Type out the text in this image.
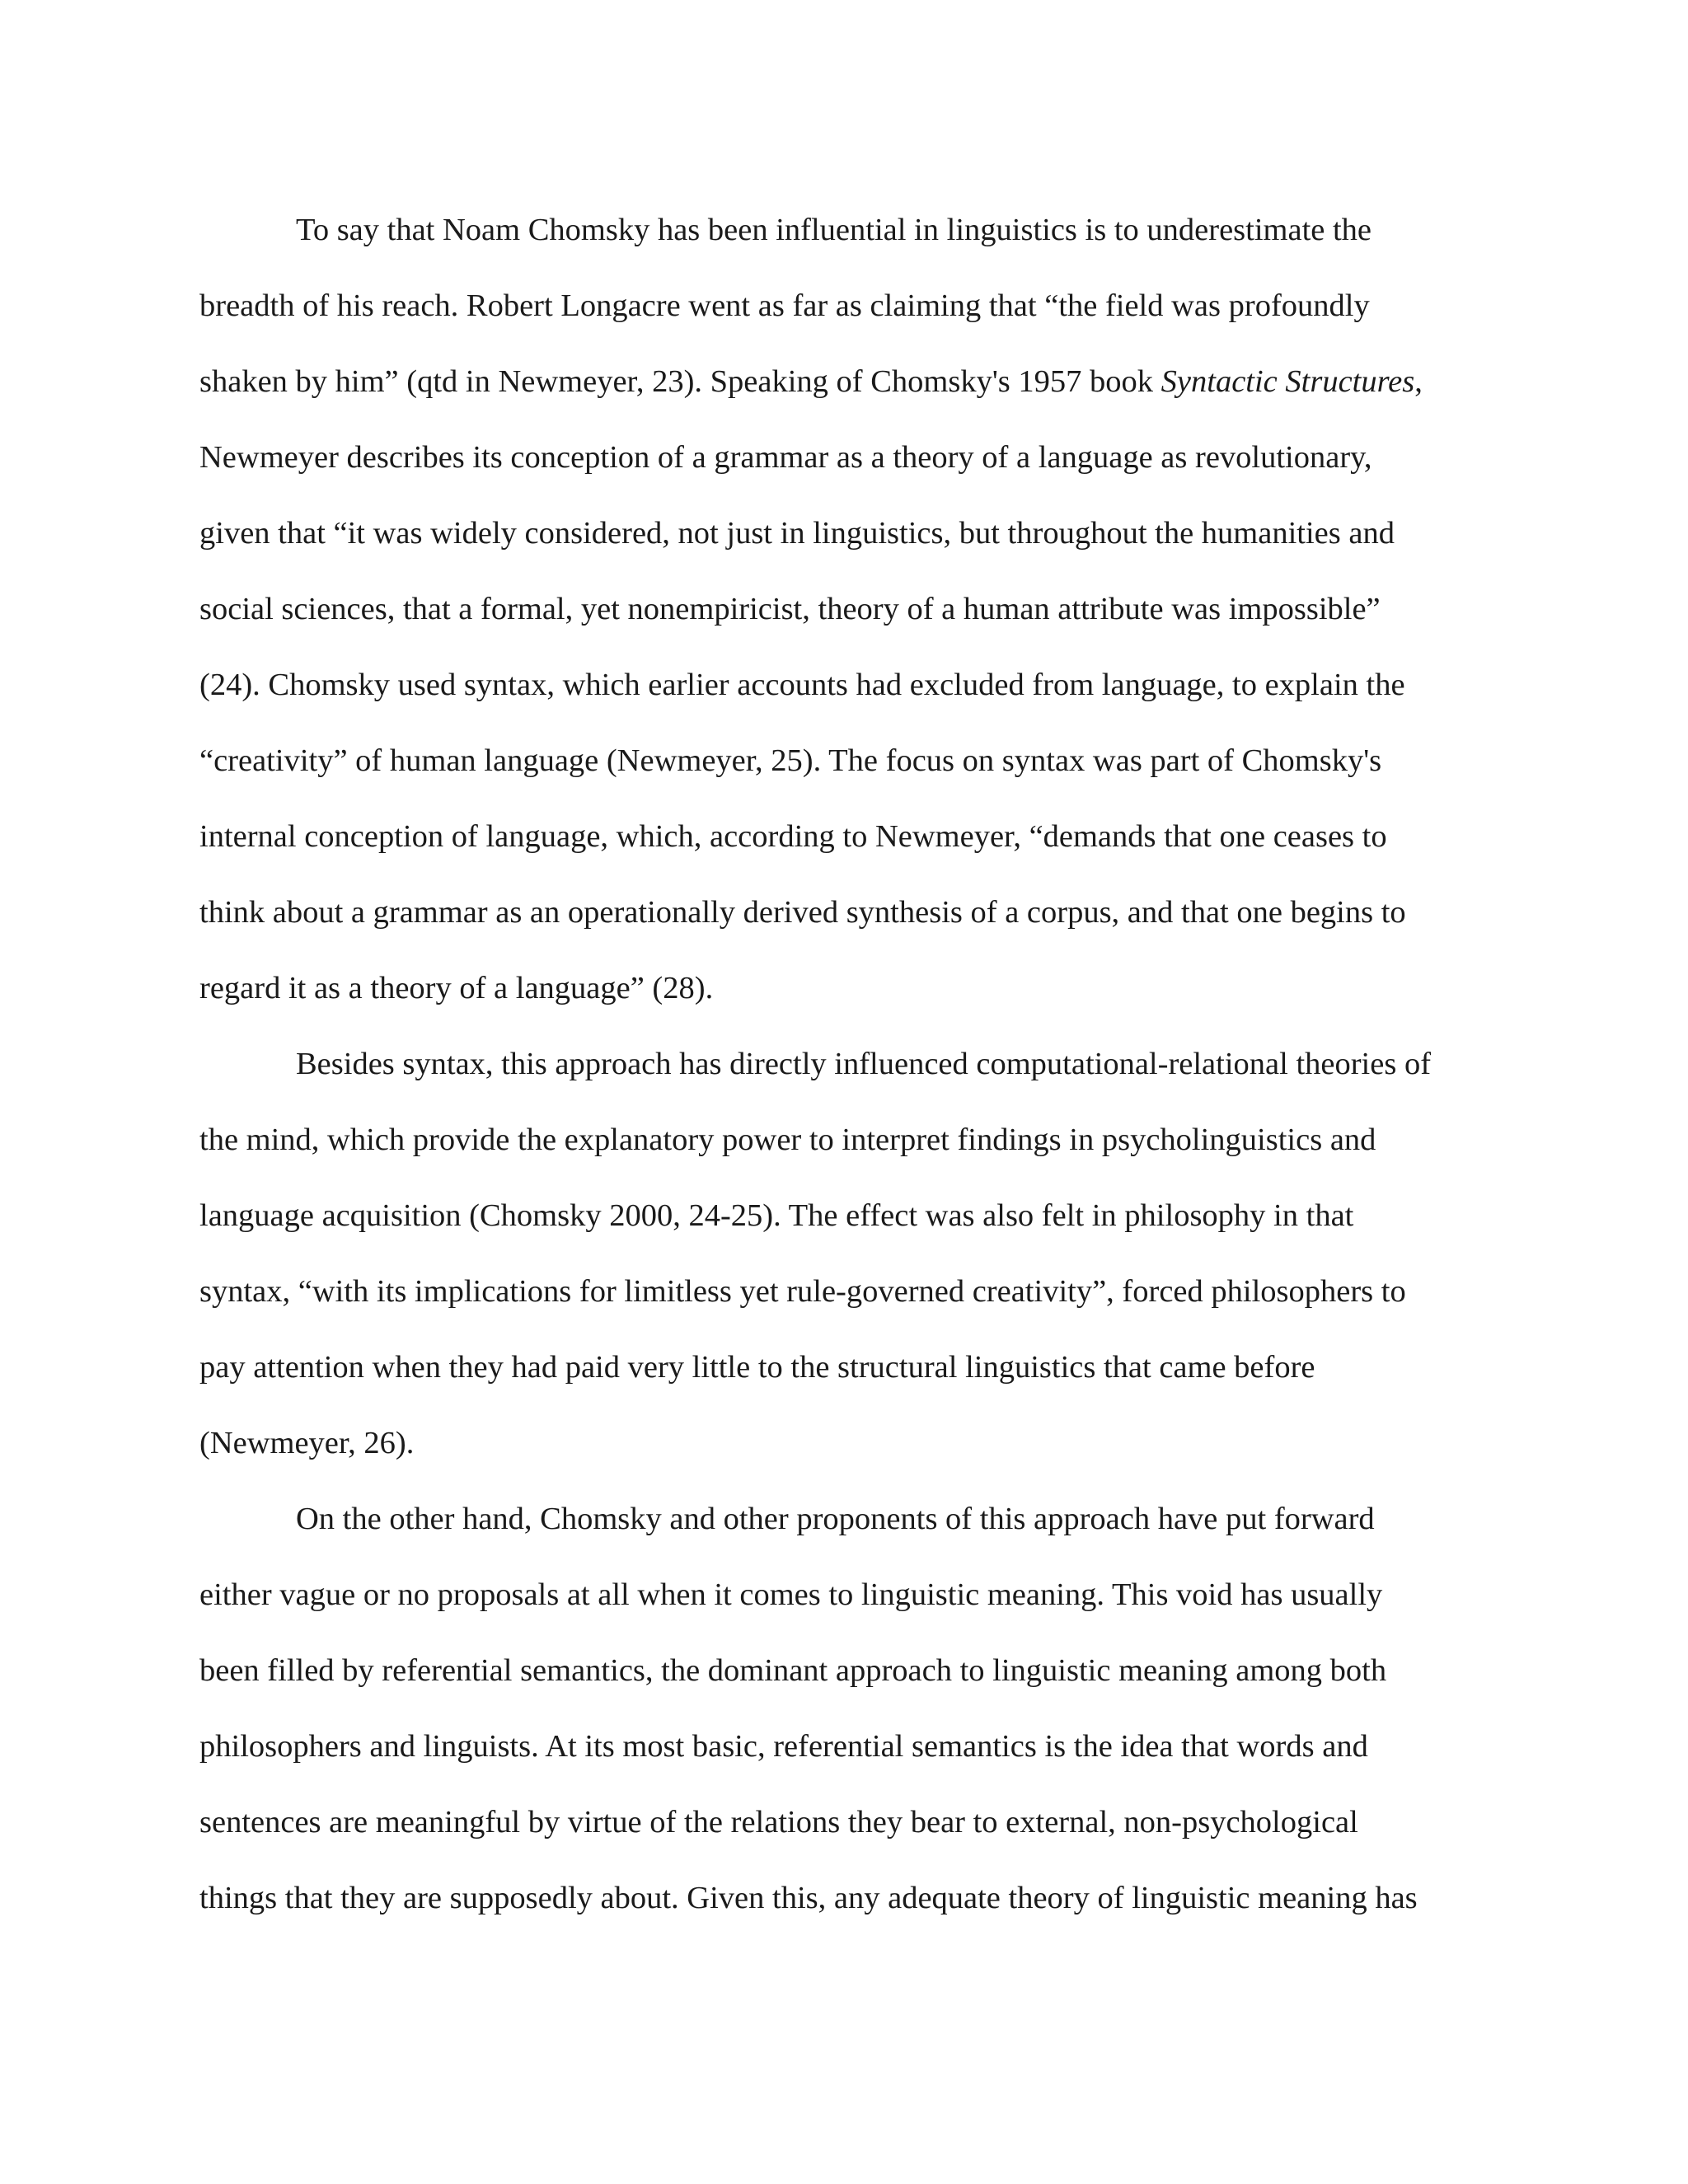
To say that Noam Chomsky has been influential in linguistics is to underestimate the
breadth of his reach. Robert Longacre went as far as claiming that “the field was profoundly
shaken by him” (qtd in Newmeyer, 23). Speaking of Chomsky's 1957 book Syntactic Structures,
Newmeyer describes its conception of a grammar as a theory of a language as revolutionary,
given that “it was widely considered, not just in linguistics, but throughout the humanities and
social sciences, that a formal, yet nonempiricist, theory of a human attribute was impossible”
(24). Chomsky used syntax, which earlier accounts had excluded from language, to explain the
“creativity” of human language (Newmeyer, 25). The focus on syntax was part of Chomsky's
internal conception of language, which, according to Newmeyer, “demands that one ceases to
think about a grammar as an operationally derived synthesis of a corpus, and that one begins to
regard it as a theory of a language” (28).
Besides syntax, this approach has directly influenced computational-relational theories of
the mind, which provide the explanatory power to interpret findings in psycholinguistics and
language acquisition (Chomsky 2000, 24-25). The effect was also felt in philosophy in that
syntax, “with its implications for limitless yet rule-governed creativity”, forced philosophers to
pay attention when they had paid very little to the structural linguistics that came before
(Newmeyer, 26).
On the other hand, Chomsky and other proponents of this approach have put forward
either vague or no proposals at all when it comes to linguistic meaning. This void has usually
been filled by referential semantics, the dominant approach to linguistic meaning among both
philosophers and linguists. At its most basic, referential semantics is the idea that words and
sentences are meaningful by virtue of the relations they bear to external, non-psychological
things that they are supposedly about. Given this, any adequate theory of linguistic meaning has
